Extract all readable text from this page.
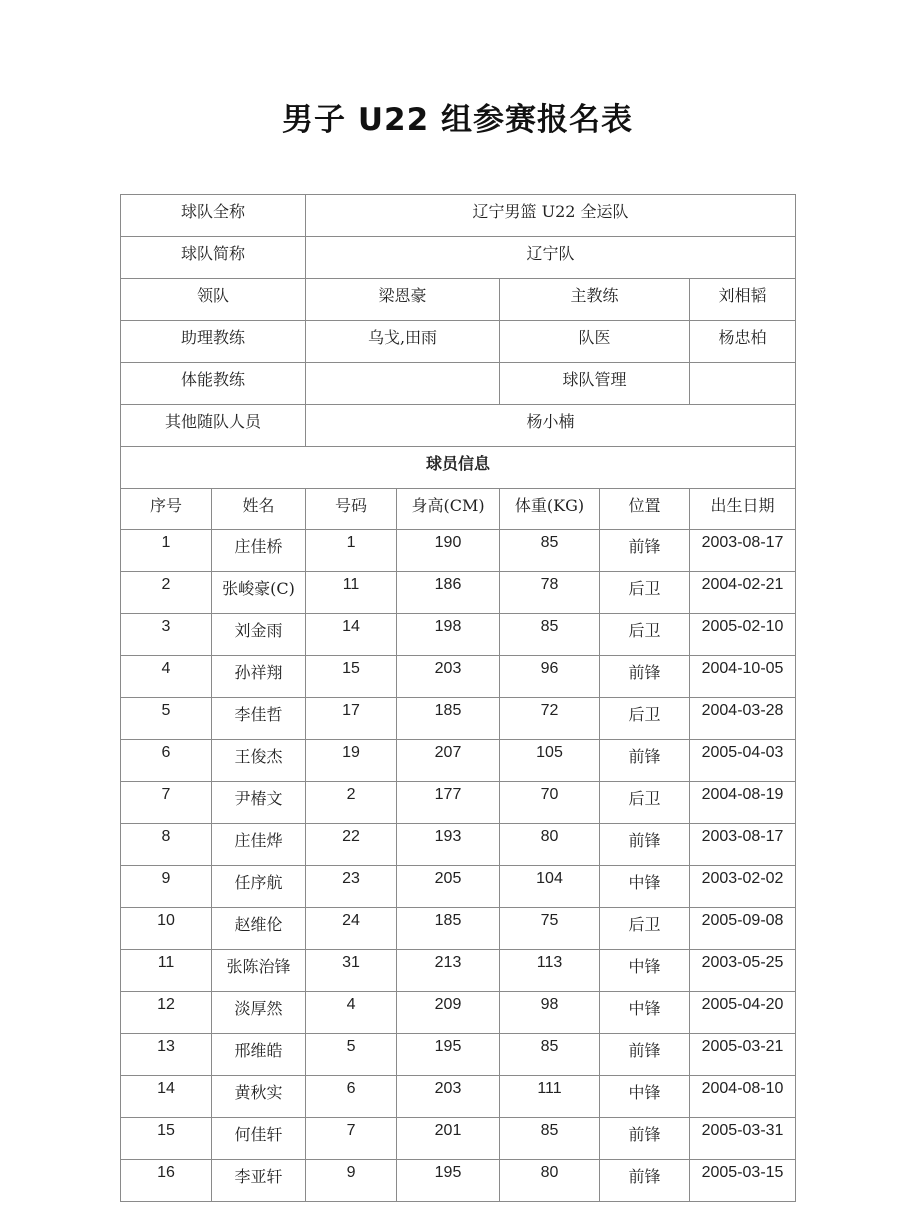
男子 U22 组参赛报名表
球队全称		辽宁男篮 U22 全运队				
球队简称		辽宁队				
领队		梁恩豪		主教练		刘相韬
助理教练		乌戈,田雨		队医		杨忠柏
体能教练				球队管理		
其他随队人员		杨小楠				
球员信息						
序号	姓名	号码	身高(CM)	体重(KG)	位置	出生日期
1	庄佳桥	1	190	85	前锋	2003-08-17
2	张峻豪(C)	11	186	78	后卫	2004-02-21
3	刘金雨	14	198	85	后卫	2005-02-10
4	孙祥翔	15	203	96	前锋	2004-10-05
5	李佳哲	17	185	72	后卫	2004-03-28
6	王俊杰	19	207	105	前锋	2005-04-03
7	尹椿文	2	177	70	后卫	2004-08-19
8	庄佳烨	22	193	80	前锋	2003-08-17
9	任序航	23	205	104	中锋	2003-02-02
10	赵维伦	24	185	75	后卫	2005-09-08
11	张陈治锋	31	213	113	中锋	2003-05-25
12	淡厚然	4	209	98	中锋	2005-04-20
13	邢维皓	5	195	85	前锋	2005-03-21
14	黄秋实	6	203	111	中锋	2004-08-10
15	何佳轩	7	201	85	前锋	2005-03-31
16	李亚轩	9	195	80	前锋	2005-03-15
